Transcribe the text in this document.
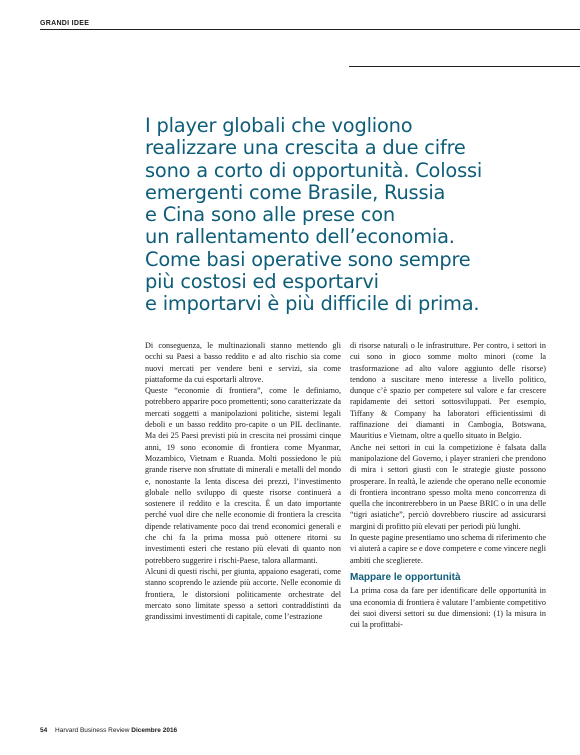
GRANDI IDEE
I player globali che vogliono
realizzare una crescita a due cifre
sono a corto di opportunità. Colossi
emergenti come Brasile, Russia
e Cina sono alle prese con
un rallentamento dell’economia.
Come basi operative sono sempre
più costosi ed esportarvi
e importarvi è più difficile di prima.

Di conseguenza, le multinazionali stanno mettendo gli occhi su Paesi a basso reddito e ad alto rischio sia come nuovi mercati per vendere beni e servizi, sia come piattaforme da cui esportarli altrove.

Queste “economie di frontiera”, come le definiamo, potrebbero apparire poco promettenti; sono caratterizzate da mercati soggetti a manipolazioni politiche, sistemi legali deboli e un basso reddito pro-capite o un PIL declinante. Ma dei 25 Paesi previsti più in crescita nei prossimi cinque anni, 19 sono economie di frontiera come Myanmar, Mozambico, Vietnam e Ruanda. Molti possiedono le più grande riserve non sfruttate di minerali e metalli del mondo e, nonostante la lenta discesa dei prezzi, l’investimento globale nello sviluppo di queste risorse continuerà a sostenere il reddito e la crescita. È un dato importante perché vuol dire che nelle economie di frontiera la crescita dipende relativamente poco dai trend economici generali e che chi fa la prima mossa può ottenere ritorni su investimenti esteri che restano più elevati di quanto non potrebbero suggerire i rischi-Paese, talora allarmanti.

Alcuni di questi rischi, per giunta, appaiono esagerati, come stanno scoprendo le aziende più accorte. Nelle economie di frontiera, le distorsioni politicamente orchestrate del mercato sono limitate spesso a settori contraddistinti da grandissimi investimenti di capitale, come l’estrazione

di risorse naturali o le infrastrutture. Per contro, i settori in cui sono in gioco somme molto minori (come la trasformazione ad alto valore aggiunto delle risorse) tendono a suscitare meno interesse a livello politico, dunque c’è spazio per competere sul valore e far crescere rapidamente dei settori sottosviluppati. Per esempio, Tiffany & Company ha laboratori efficientissimi di raffinazione dei diamanti in Cambogia, Botswana, Mauritius e Vietnam, oltre a quello situato in Belgio.

Anche nei settori in cui la competizione è falsata dalla manipolazione del Governo, i player stranieri che prendono di mira i settori giusti con le strategie giuste possono prosperare. In realtà, le aziende che operano nelle economie di frontiera incontrano spesso molta meno concorrenza di quella che incontrerebbero in un Paese BRIC o in una delle “tigri asiatiche”, perciò dovrebbero riuscire ad assicurarsi margini di profitto più elevati per periodi più lunghi.

In queste pagine presentiamo uno schema di riferimento che vi aiuterà a capire se e dove competere e come vincere negli ambiti che sceglierete.

Mappare le opportunità

La prima cosa da fare per identificare delle opportunità in una economia di frontiera è valutare l’ambiente competitivo dei suoi diversi settori su due dimensioni: (1) la misura in cui la profittabi-

54 Harvard Business Review Dicembre 2016
